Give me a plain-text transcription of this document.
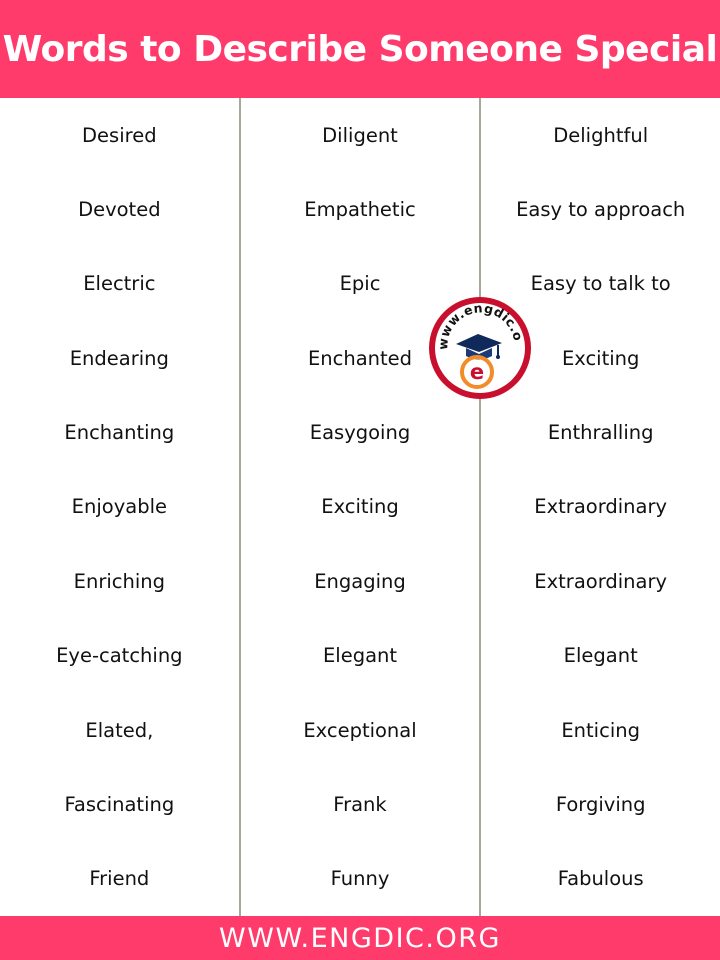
Words to Describe Someone Special
Desired
Devoted
Electric
Endearing
Enchanting
Enjoyable
Enriching
Eye-catching
Elated,
Fascinating
Friend
Diligent
Empathetic
Epic
Enchanted
Easygoing
Exciting
Engaging
Elegant
Exceptional
Frank
Funny
Delightful
Easy to approach
Easy to talk to
Exciting
Enthralling
Extraordinary
Extraordinary
Elegant
Enticing
Forgiving
Fabulous
www.engdic.o
e
WWW.ENGDIC.ORG
